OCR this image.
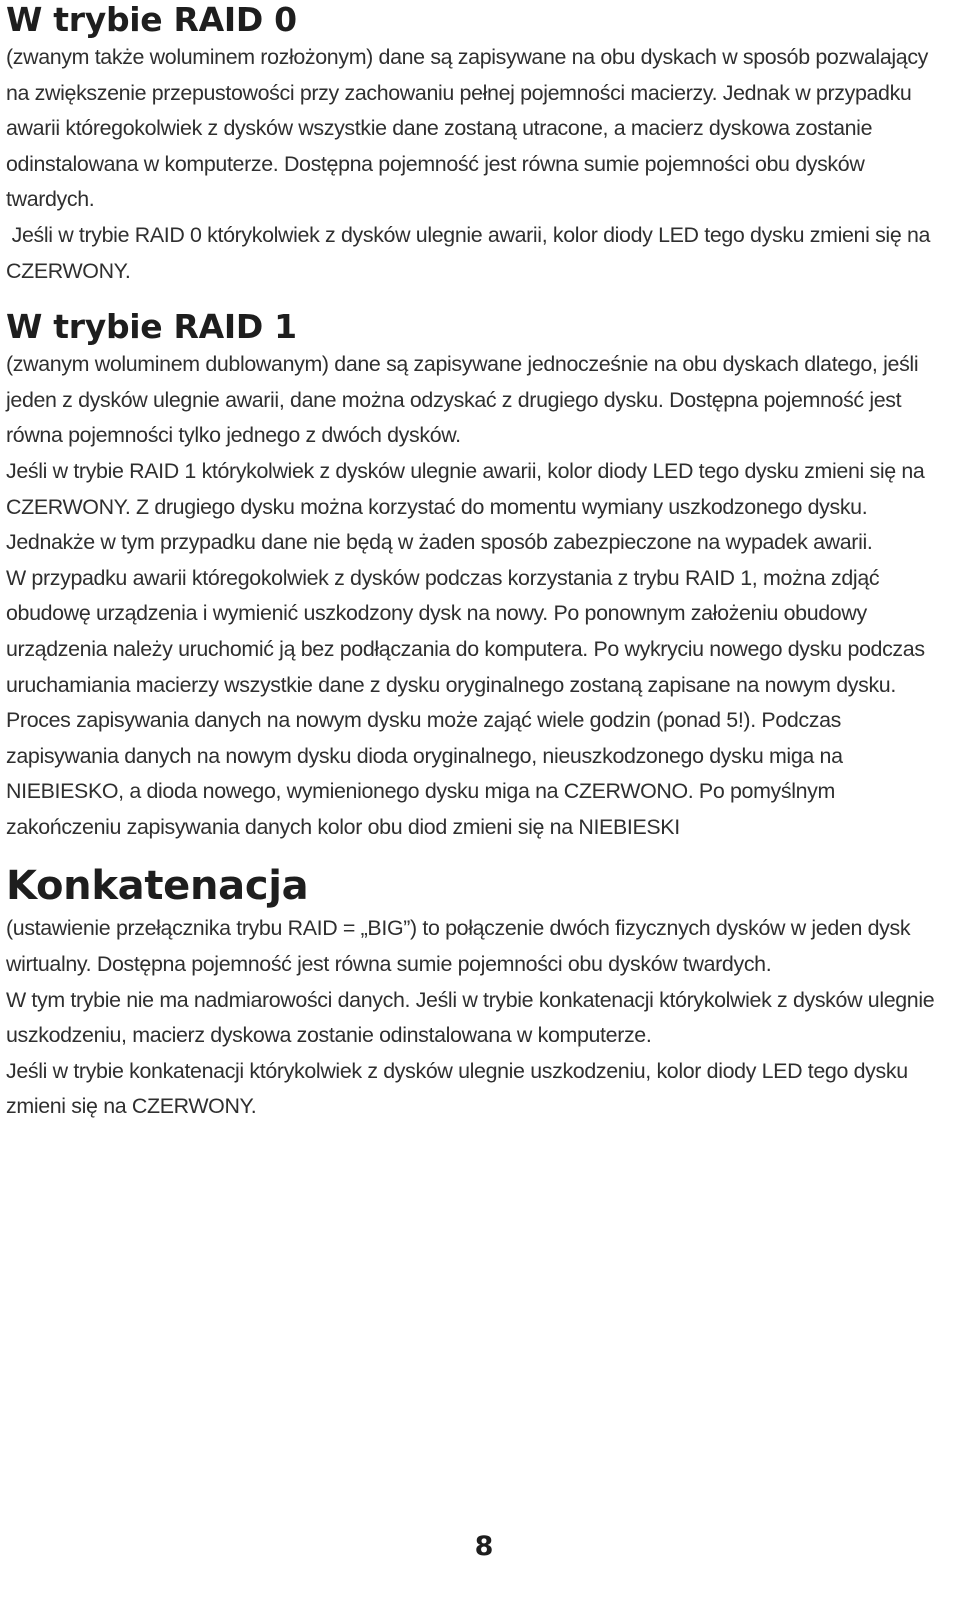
W trybie RAID 0

(zwanym także woluminem rozłożonym) dane są zapisywane na obu dyskach w sposób pozwalający na zwiększenie przepustowości przy zachowaniu pełnej pojemności macierzy. Jednak w przypadku awarii któregokolwiek z dysków wszystkie dane zostaną utracone, a macierz dyskowa zostanie odinstalowana w komputerze. Dostępna pojemność jest równa sumie pojemności obu dysków twardych.

Jeśli w trybie RAID 0 którykolwiek z dysków ulegnie awarii, kolor diody LED tego dysku zmieni się na CZERWONY.

W trybie RAID 1

(zwanym woluminem dublowanym) dane są zapisywane jednocześnie na obu dyskach dlatego, jeśli jeden z dysków ulegnie awarii, dane można odzyskać z drugiego dysku. Dostępna pojemność jest równa pojemności tylko jednego z dwóch dysków.

Jeśli w trybie RAID 1 którykolwiek z dysków ulegnie awarii, kolor diody LED tego dysku zmieni się na CZERWONY. Z drugiego dysku można korzystać do momentu wymiany uszkodzonego dysku. Jednakże w tym przypadku dane nie będą w żaden sposób zabezpieczone na wypadek awarii.

W przypadku awarii któregokolwiek z dysków podczas korzystania z trybu RAID 1, można zdjąć obudowę urządzenia i wymienić uszkodzony dysk na nowy. Po ponownym założeniu obudowy urządzenia należy uruchomić ją bez podłączania do komputera. Po wykryciu nowego dysku podczas uruchamiania macierzy wszystkie dane z dysku oryginalnego zostaną zapisane na nowym dysku. Proces zapisywania danych na nowym dysku może zająć wiele godzin (ponad 5!). Podczas zapisywania danych na nowym dysku dioda oryginalnego, nieuszkodzonego dysku miga na NIEBIESKO, a dioda nowego, wymienionego dysku miga na CZERWONO. Po pomyślnym zakończeniu zapisywania danych kolor obu diod zmieni się na NIEBIESKI

Konkatenacja

(ustawienie przełącznika trybu RAID = „BIG”) to połączenie dwóch fizycznych dysków w jeden dysk wirtualny. Dostępna pojemność jest równa sumie pojemności obu dysków twardych.

W tym trybie nie ma nadmiarowości danych. Jeśli w trybie konkatenacji którykolwiek z dysków ulegnie uszkodzeniu, macierz dyskowa zostanie odinstalowana w komputerze.

Jeśli w trybie konkatenacji którykolwiek z dysków ulegnie uszkodzeniu, kolor diody LED tego dysku zmieni się na CZERWONY.

8
